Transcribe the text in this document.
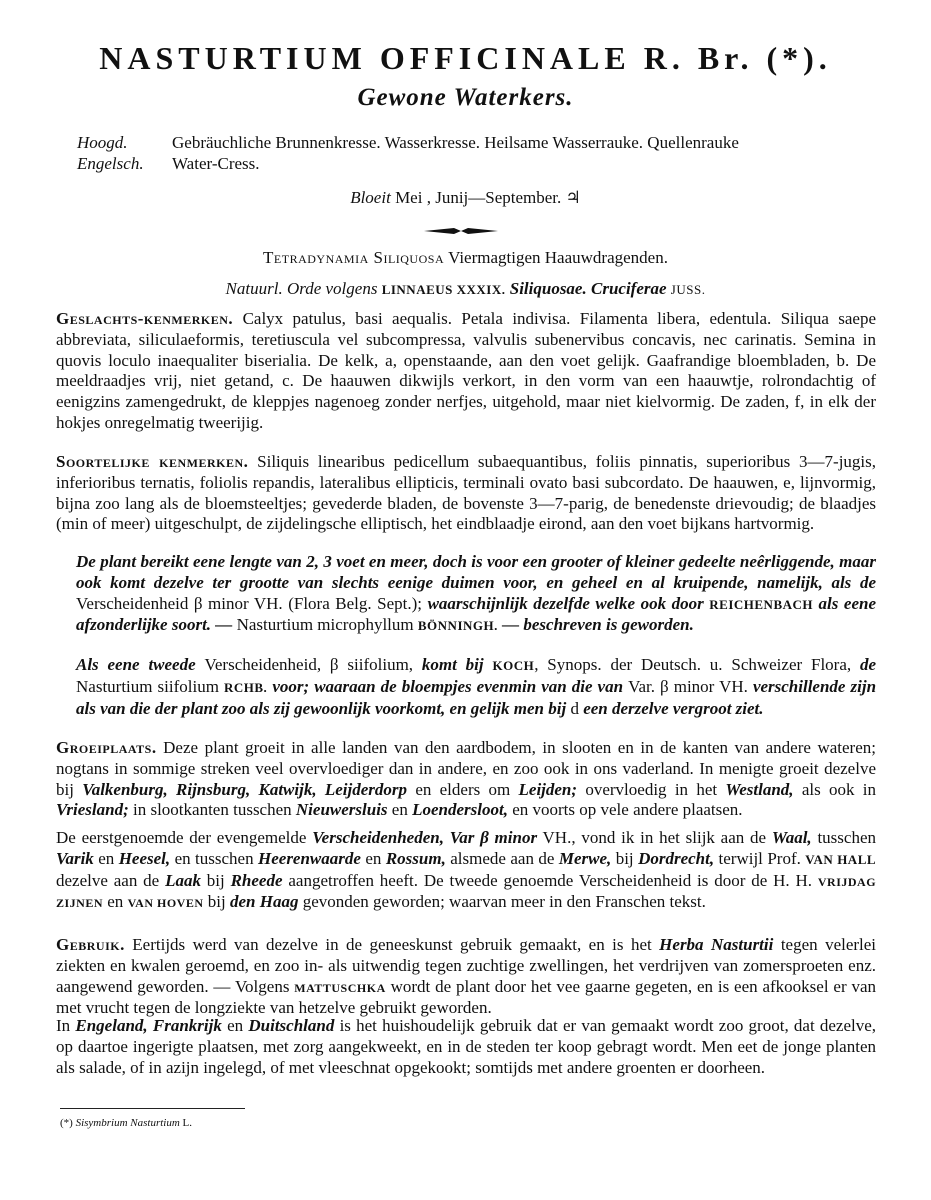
NASTURTIUM OFFICINALE R. Br. (*).
Gewone Waterkers.
Hoogd.	Gebräuchliche Brunnenkresse. Wasserkresse. Heilsame Wasserrauke. Quellenrauke
Engelsch. Water-Cress.
Bloeit Mei , Junij—September. ♃
Tetradynamia Siliquosa Viermagtigen Haauwdragenden.
Natuurl. Orde volgens LINNAEUS XXXIX. Siliquosae. Cruciferae JUSS.
Geslachts-kenmerken. Calyx patulus, basi aequalis. Petala indivisa. Filamenta libera, edentula. Siliqua saepe abbreviata, siliculaeformis, teretiuscula vel subcompressa, valvulis subenervibus concavis, nec carinatis. Semina in quovis loculo inaequaliter biserialia. De kelk, a, openstaande, aan den voet gelijk. Gaafrandige bloembladen, b. De meeldraadjes vrij, niet getand, c. De haauwen dikwijls verkort, in den vorm van een haauwtje, rolrondachtig of eenigzins zamengedrukt, de kleppjes nagenoeg zonder nerfjes, uitgehold, maar niet kielvormig. De zaden, f, in elk der hokjes onregelmatig tweerijig.
Soortelijke kenmerken. Siliquis linearibus pedicellum subaequantibus, foliis pinnatis, superioribus 3—7-jugis, inferioribus ternatis, foliolis repandis, lateralibus ellipticis, terminali ovato basi subcordato. De haauwen, e, lijnvormig, bijna zoo lang als de bloemsteeltjes; gevederde bladen, de bovenste 3—7-parig, de benedenste drievoudig; de blaadjes (min of meer) uitgeschulpt, de zijdelingsche elliptisch, het eindblaadje eirond, aan den voet bijkans hartvormig.
De plant bereikt eene lengte van 2, 3 voet en meer, doch is voor een grooter of kleiner gedeelte neêrliggende, maar ook komt dezelve ter grootte van slechts eenige duimen voor, en geheel en al kruipende, namelijk, als de Verscheidenheid β minor VH. (Flora Belg. Sept.); waarschijnlijk dezelfde welke ook door REICHENBACH als eene afzonderlijke soort. — Nasturtium microphyllum BÖNNINGH. — beschreven is geworden.
Als eene tweede Verscheidenheid, β siifolium, komt bij KOCH, Synops. der Deutsch. u. Schweizer Flora, de Nasturtium siifolium RCHB. voor; waaraan de bloempjes evenmin van die van Var. β minor VH. verschillende zijn als van die der plant zoo als zij gewoonlijk voorkomt, en gelijk men bij d een derzelve vergroot ziet.
Groeiplaats. Deze plant groeit in alle landen van den aardbodem, in slooten en in de kanten van andere wateren; nogtans in sommige streken veel overvloediger dan in andere, en zoo ook in ons vaderland. In menigte groeit dezelve bij Valkenburg, Rijnsburg, Katwijk, Leijderdorp en elders om Leijden; overvloedig in het Westland, als ook in Vriesland; in slootkanten tusschen Nieuwersluis en Loendersloot, en voorts op vele andere plaatsen.
De eerstgenoemde der evengemelde Verscheidenheden, Var β minor VH., vond ik in het slijk aan de Waal, tusschen Varik en Heesel, en tusschen Heerenwaarde en Rossum, alsmede aan de Merwe, bij Dordrecht, terwijl Prof. VAN HALL dezelve aan de Laak bij Rheede aangetroffen heeft. De tweede genoemde Verscheidenheid is door de H. H. VRIJDAG ZIJNEN en VAN HOVEN bij den Haag gevonden geworden; waarvan meer in den Franschen tekst.
Gebruik. Eertijds werd van dezelve in de geneeskunst gebruik gemaakt, en is het Herba Nasturtii tegen velerlei ziekten en kwalen geroemd, en zoo in- als uitwendig tegen zuchtige zwellingen, het verdrijven van zomersproeten enz. aangewend geworden. — Volgens MATTUSCHKA wordt de plant door het vee gaarne gegeten, en is een afkooksel er van met vrucht tegen de longziekte van hetzelve gebruikt geworden.
In Engeland, Frankrijk en Duitschland is het huishoudelijk gebruik dat er van gemaakt wordt zoo groot, dat dezelve, op daartoe ingerigte plaatsen, met zorg aangekweekt, en in de steden ter koop gebragt wordt. Men eet de jonge planten als salade, of in azijn ingelegd, of met vleeschnat opgekookt; somtijds met andere groenten er doorheen.
(*) Sisymbrium Nasturtium L.
